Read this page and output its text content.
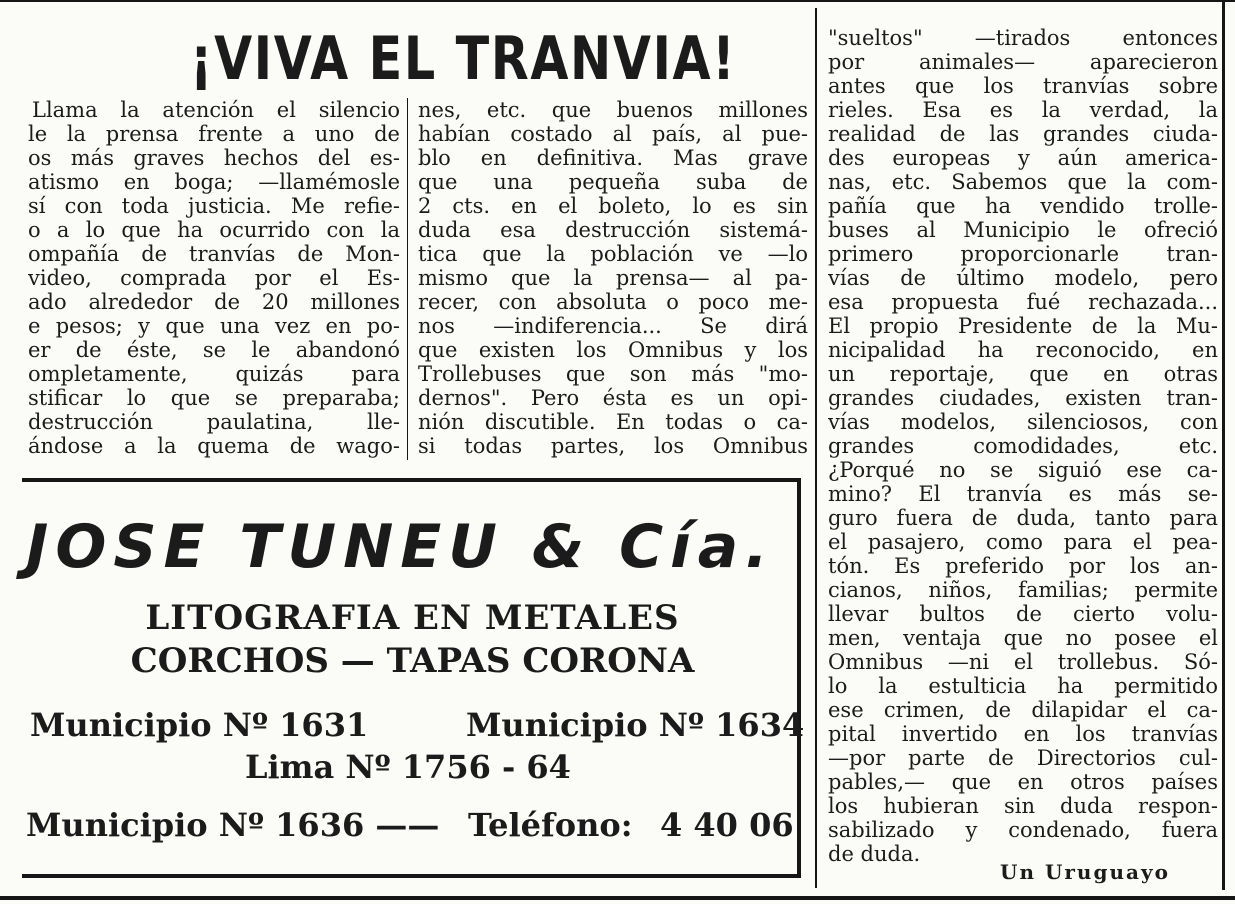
¡VIVA EL TRANVIA!
Llama la atención el silencio
le la prensa frente a uno de
os más graves hechos del es-
atismo en boga; —llamémosle
sí con toda justicia. Me refie-
o a lo que ha ocurrido con la
ompañía de tranvías de Mon-
video, comprada por el Es-
ado alrededor de 20 millones
e pesos; y que una vez en po-
er de éste, se le abandonó
ompletamente, quizás para
stificar lo que se preparaba;
destrucción paulatina, lle-
ándose a la quema de wago-
nes, etc. que buenos millones
habían costado al país, al pue-
blo en definitiva. Mas grave
que una pequeña suba de
2 cts. en el boleto, lo es sin
duda esa destrucción sistemá-
tica que la población ve —lo
mismo que la prensa— al pa-
recer, con absoluta o poco me-
nos —indiferencia... Se dirá
que existen los Omnibus y los
Trollebuses que son más "mo-
dernos". Pero ésta es un opi-
nión discutible. En todas o ca-
si todas partes, los Omnibus
"sueltos" —tirados entonces
por animales— aparecieron
antes que los tranvías sobre
rieles. Esa es la verdad, la
realidad de las grandes ciuda-
des europeas y aún america-
nas, etc. Sabemos que la com-
pañía que ha vendido trolle-
buses al Municipio le ofreció
primero proporcionarle tran-
vías de último modelo, pero
esa propuesta fué rechazada...
El propio Presidente de la Mu-
nicipalidad ha reconocido, en
un reportaje, que en otras
grandes ciudades, existen tran-
vías modelos, silenciosos, con
grandes comodidades, etc.
¿Porqué no se siguió ese ca-
mino? El tranvía es más se-
guro fuera de duda, tanto para
el pasajero, como para el pea-
tón. Es preferido por los an-
cianos, niños, familias; permite
llevar bultos de cierto volu-
men, ventaja que no posee el
Omnibus —ni el trollebus. Só-
lo la estulticia ha permitido
ese crimen, de dilapidar el ca-
pital invertido en los tranvías
—por parte de Directorios cul-
pables,— que en otros países
los hubieran sin duda respon-
sabilizado y condenado, fuera
de duda.
Un Uruguayo
JOSE TUNEU & Cía.
LITOGRAFIA EN METALES
CORCHOS — TAPAS CORONA
Municipio Nº 1631	Municipio Nº 1634
Lima Nº 1756 - 64
Municipio Nº 1636 —— Teléfono: 4 40 06
